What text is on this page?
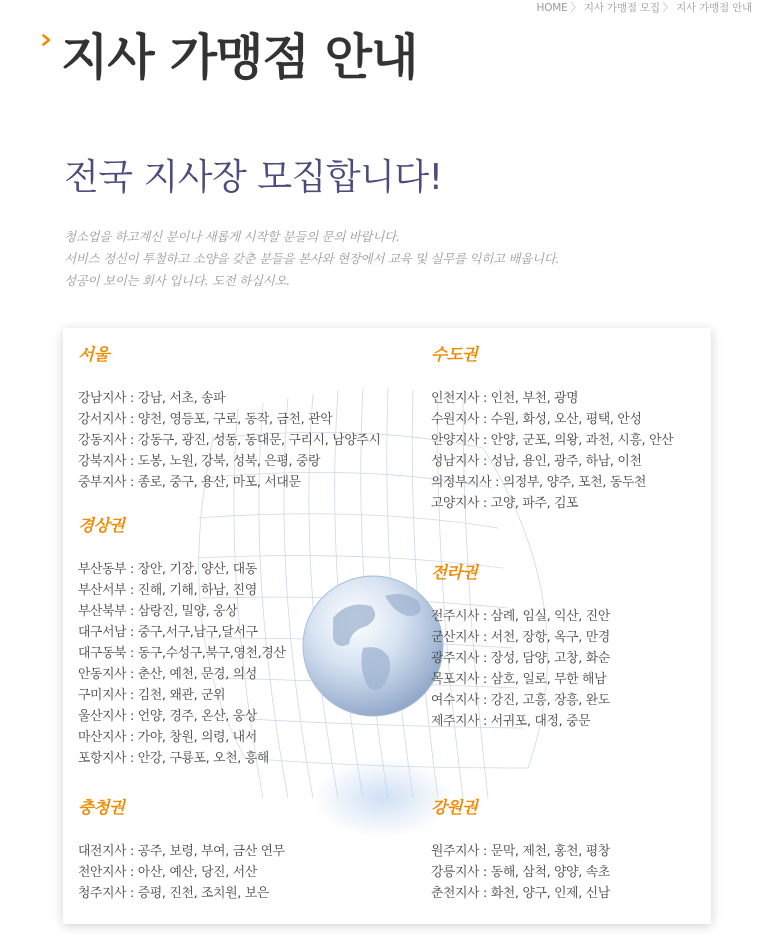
HOME 〉 지사 가맹점 모집 〉 지사 가맹점 안내
지사 가맹점 안내
전국 지사장 모집합니다!
청소업을 하고계신 분이나 새롭게 시작할 분들의 문의 바랍니다.
서비스 정신이 투철하고 소양을 갖춘 분들을 본사와 현장에서 교육 및 실무를 익히고 배웁니다.
성공이 보이는 회사 입니다. 도전 하십시오.
서울
강남지사 : 강남, 서초, 송파
강서지사 : 양천, 영등포, 구로, 동작, 금천, 관악
강동지사 : 강동구, 광진, 성동, 동대문, 구리시, 남양주시
강북지사 : 도봉, 노원, 강북, 성북, 은평, 중랑
중부지사 : 종로, 중구, 용산, 마포, 서대문
수도권
인천지사 : 인천, 부천, 광명
수원지사 : 수원, 화성, 오산, 평택, 안성
안양지사 : 안양, 군포, 의왕, 과천, 시흥, 안산
성남지사 : 성남, 용인, 광주, 하남, 이천
의정부지사 : 의정부, 양주, 포천, 동두천
고양지사 : 고양, 파주, 김포
경상권
부산동부 : 장안, 기장, 양산, 대동
부산서부 : 진해, 기해, 하남, 진영
부산북부 : 삼랑진, 밀양, 웅상
대구서남 : 중구,서구,남구,달서구
대구동북 : 동구,수성구,북구,영천,경산
안동지사 : 춘산, 예천, 문경, 의성
구미지사 : 김천, 왜관, 군위
울산지사 : 언양, 경주, 온산, 웅상
마산지사 : 가야, 창원, 의령, 내서
포항지사 : 안강, 구룡포, 오천, 흥해
전라권
전주시사 : 삼례, 임실, 익산, 진안
군산지사 : 서천, 장항, 옥구, 만경
광주지사 : 장성, 담양, 고창, 화순
목포지사 : 삼호, 일로, 무한 해남
여수지사 : 강진, 고흥, 장흥, 완도
제주지사 : 서귀포, 대정, 중문
충청권
대전지사 : 공주, 보령, 부여, 금산 연무
천안지사 : 아산, 예산, 당진, 서산
청주지사 : 증평, 진천, 조치원, 보은
강원권
원주지사 : 문막, 제천, 홍천, 평창
강릉지사 : 동해, 삼척, 양양, 속초
춘천지사 : 화천, 양구, 인제, 신남
